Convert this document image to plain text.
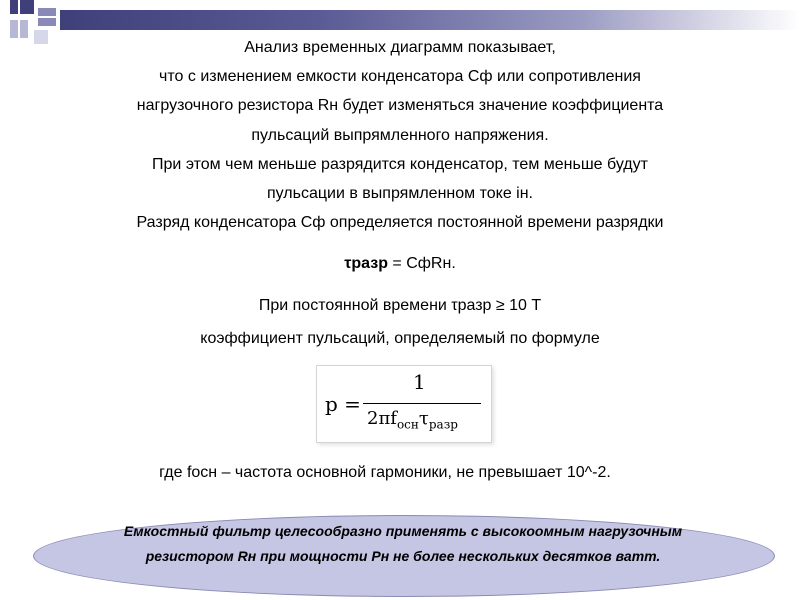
Анализ временных диаграмм показывает,
что с изменением емкости конденсатора Сф или сопротивления
нагрузочного резистора Rн будет изменяться значение коэффициента
пульсаций выпрямленного напряжения.
При этом чем меньше разрядится конденсатор, тем меньше будут
пульсации в выпрямленном токе iн.
Разряд конденсатора Сф определяется постоянной времени разрядки
τразр = СфRн.
При постоянной времени τразр ≥ 10 T
коэффициент пульсаций, определяемый по формуле
p =
1
$2\pi f_{осн}\tau_{разр}$
где fосн – частота основной гармоники, не превышает 10^-2.
Емкостный фильтр целесообразно применять с высокоомным нагрузочным
резистором Rн при мощности Pн не более нескольких десятков ватт.
